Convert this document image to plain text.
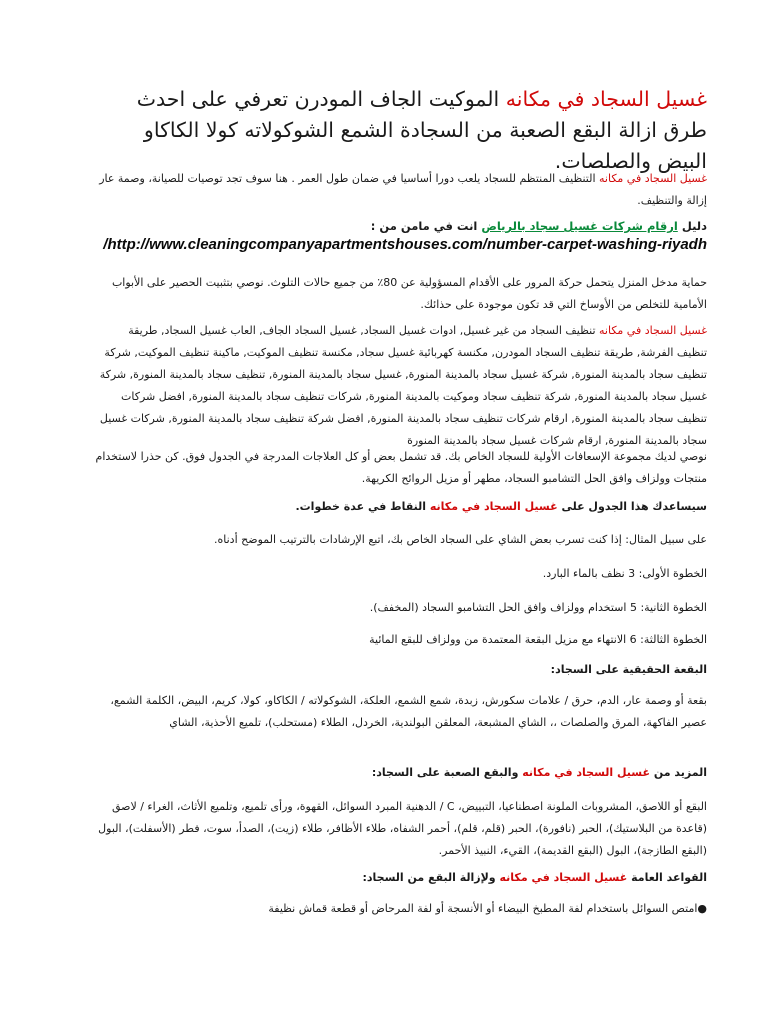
غسيل السجاد في مكانه الموكيت الجاف المودرن تعرفي على احدث طرق ازالة البقع الصعبة من السجادة الشمع الشوكولاته كولا الكاكاو البيض والصلصات.
غسيل السجاد في مكانه التنظيف المنتظم للسجاد يلعب دورا أساسيا في ضمان طول العمر . هنا سوف تجد توصيات للصيانة، وصمة عار إزالة والتنظيف.
دليل ارقام شركات غسيل سجاد بالرياض انت في مامن من :
/http://www.cleaningcompanyapartmentshouses.com/number-carpet-washing-riyadh
حماية مدخل المنزل يتحمل حركة المرور على الأقدام المسؤولية عن 80٪ من جميع حالات التلوث. نوصي بتثبيت الحصير على الأبواب الأمامية للتخلص من الأوساخ التي قد تكون موجودة على حذائك.
غسيل السجاد في مكانه تنظيف السجاد من غير غسيل, ادوات غسيل السجاد, غسيل السجاد الجاف, العاب غسيل السجاد, طريقة تنظيف الفرشة, طريقة تنظيف السجاد المودرن, مكنسة كهربائية غسيل سجاد, مكنسة تنظيف الموكيت, ماكينة تنظيف الموكيت, شركة تنظيف سجاد بالمدينة المنورة, شركة غسيل سجاد بالمدينة المنورة, غسيل سجاد بالمدينة المنورة, تنظيف سجاد بالمدينة المنورة, شركة غسيل سجاد بالمدينة المنورة, شركة تنظيف سجاد وموكيت بالمدينة المنورة, شركات تنظيف سجاد بالمدينة المنورة, افضل شركات تنظيف سجاد بالمدينة المنورة, ارقام شركات تنظيف سجاد بالمدينة المنورة, افضل شركة تنظيف سجاد بالمدينة المنورة, شركات غسيل سجاد بالمدينة المنورة, ارقام شركات غسيل سجاد بالمدينة المنورة
نوصي لديك مجموعة الإسعافات الأولية للسجاد الخاص بك. قد تشمل بعض أو كل العلاجات المدرجة في الجدول فوق. كن حذرا لاستخدام منتجات وولزاف وافق الحل التشامبو السجاد، مطهر أو مزيل الروائح الكريهة.
سيساعدك هذا الجدول على غسيل السجاد في مكانه النقاط في عدة خطوات.
على سبيل المثال: إذا كنت تسرب بعض الشاي على السجاد الخاص بك، اتبع الإرشادات بالترتيب الموضح أدناه.
الخطوة الأولى: 3 نظف بالماء البارد.
الخطوة الثانية: 5 استخدام وولزاف وافق الحل التشامبو السجاد (المخفف).
الخطوة الثالثة: 6 الانتهاء مع مزيل البقعة المعتمدة من وولزاف للبقع المائية
البقعة الحقيقية على السجاد:
بقعة أو وصمة عار، الدم، حرق / علامات سكورش، زبدة، شمع الشمع، العلكة، الشوكولاته / الكاكاو، كولا، كريم، البيض، الكلمة الشمع، عصير الفاكهة، المرق والصلصات ،، الشاي المشبعة، المعلقن البولندية، الخردل، الطلاء (مستحلب)، تلميع الأحذية، الشاي
المزيد من غسيل السجاد في مكانه والبقع الصعبة على السجاد:
البقع أو اللاصق، المشروبات الملونة اصطناعيا، التبييض، C / الدهنية المبرد السوائل، القهوة، ورأى تلميع، وتلميع الأثاث، الغراء / لاصق (قاعدة من البلاستيك)، الحبر (نافورة)، الحبر (قلم، قلم)، أحمر الشفاه، طلاء الأظافر، طلاء (زيت)، الصدأ، سوت، فطر (الأسفلت)، البول (البقع الطازجة)، البول (البقع القديمة)، القيء، النبيذ الأحمر.
القواعد العامة غسيل السجاد في مكانه ولإزالة البقع من السجاد:
●امتص السوائل باستخدام لفة المطبخ البيضاء أو الأنسجة أو لفة المرحاض أو قطعة قماش نظيفة
